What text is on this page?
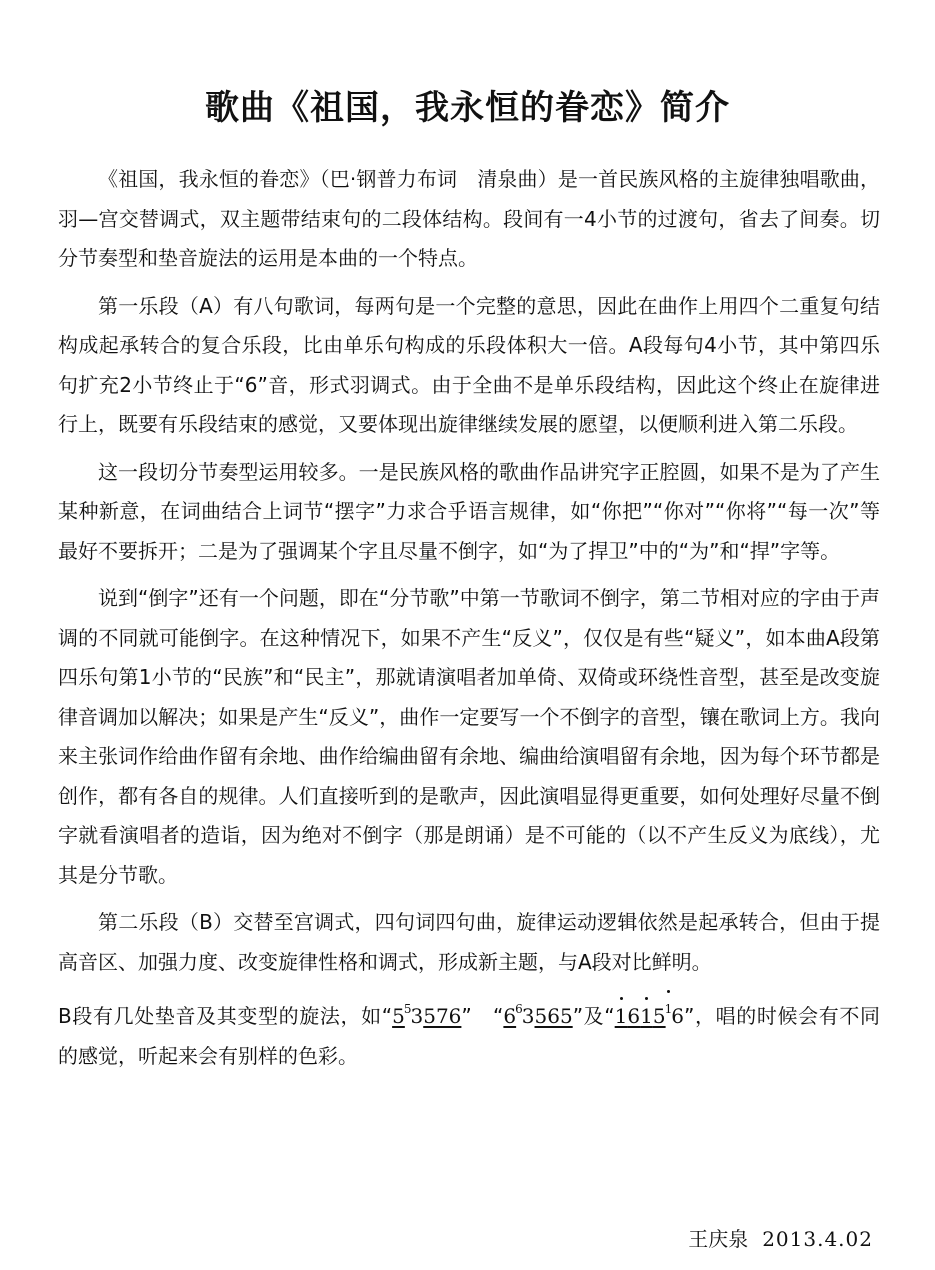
歌曲《祖国，我永恒的眷恋》简介

《祖国，我永恒的眷恋》（巴·钢普力布词　清泉曲）是一首民族风格的主旋律独唱歌曲，羽—宫交替调式，双主题带结束句的二段体结构。段间有一4小节的过渡句，省去了间奏。切分节奏型和垫音旋法的运用是本曲的一个特点。

第一乐段（A）有八句歌词，每两句是一个完整的意思，因此在曲作上用四个二重复句结构成起承转合的复合乐段，比由单乐句构成的乐段体积大一倍。A段每句4小节，其中第四乐句扩充2小节终止于“6”音，形式羽调式。由于全曲不是单乐段结构，因此这个终止在旋律进行上，既要有乐段结束的感觉，又要体现出旋律继续发展的愿望，以便顺利进入第二乐段。

这一段切分节奏型运用较多。一是民族风格的歌曲作品讲究字正腔圆，如果不是为了产生某种新意，在词曲结合上词节“摆字”力求合乎语言规律，如“你把”“你对”“你将”“每一次”等最好不要拆开；二是为了强调某个字且尽量不倒字，如“为了捍卫”中的“为”和“捍”字等。

说到“倒字”还有一个问题，即在“分节歌”中第一节歌词不倒字，第二节相对应的字由于声调的不同就可能倒字。在这种情况下，如果不产生“反义”，仅仅是有些“疑义”，如本曲A段第四乐句第1小节的“民族”和“民主”，那就请演唱者加单倚、双倚或环绕性音型，甚至是改变旋律音调加以解决；如果是产生“反义”，曲作一定要写一个不倒字的音型，镶在歌词上方。我向来主张词作给曲作留有余地、曲作给编曲留有余地、编曲给演唱留有余地，因为每个环节都是创作，都有各自的规律。人们直接听到的是歌声，因此演唱显得更重要，如何处理好尽量不倒字就看演唱者的造诣，因为绝对不倒字（那是朗诵）是不可能的（以不产生反义为底线），尤其是分节歌。

第二乐段（B）交替至宫调式，四句词四句曲，旋律运动逻辑依然是起承转合，但由于提高音区、加强力度、改变旋律性格和调式，形成新主题，与A段对比鲜明。

B段有几处垫音及其变型的旋法，如“553576”　“663565”及“161516”，唱的时候会有不同的感觉，听起来会有别样的色彩。

王庆泉 2013.4.02
